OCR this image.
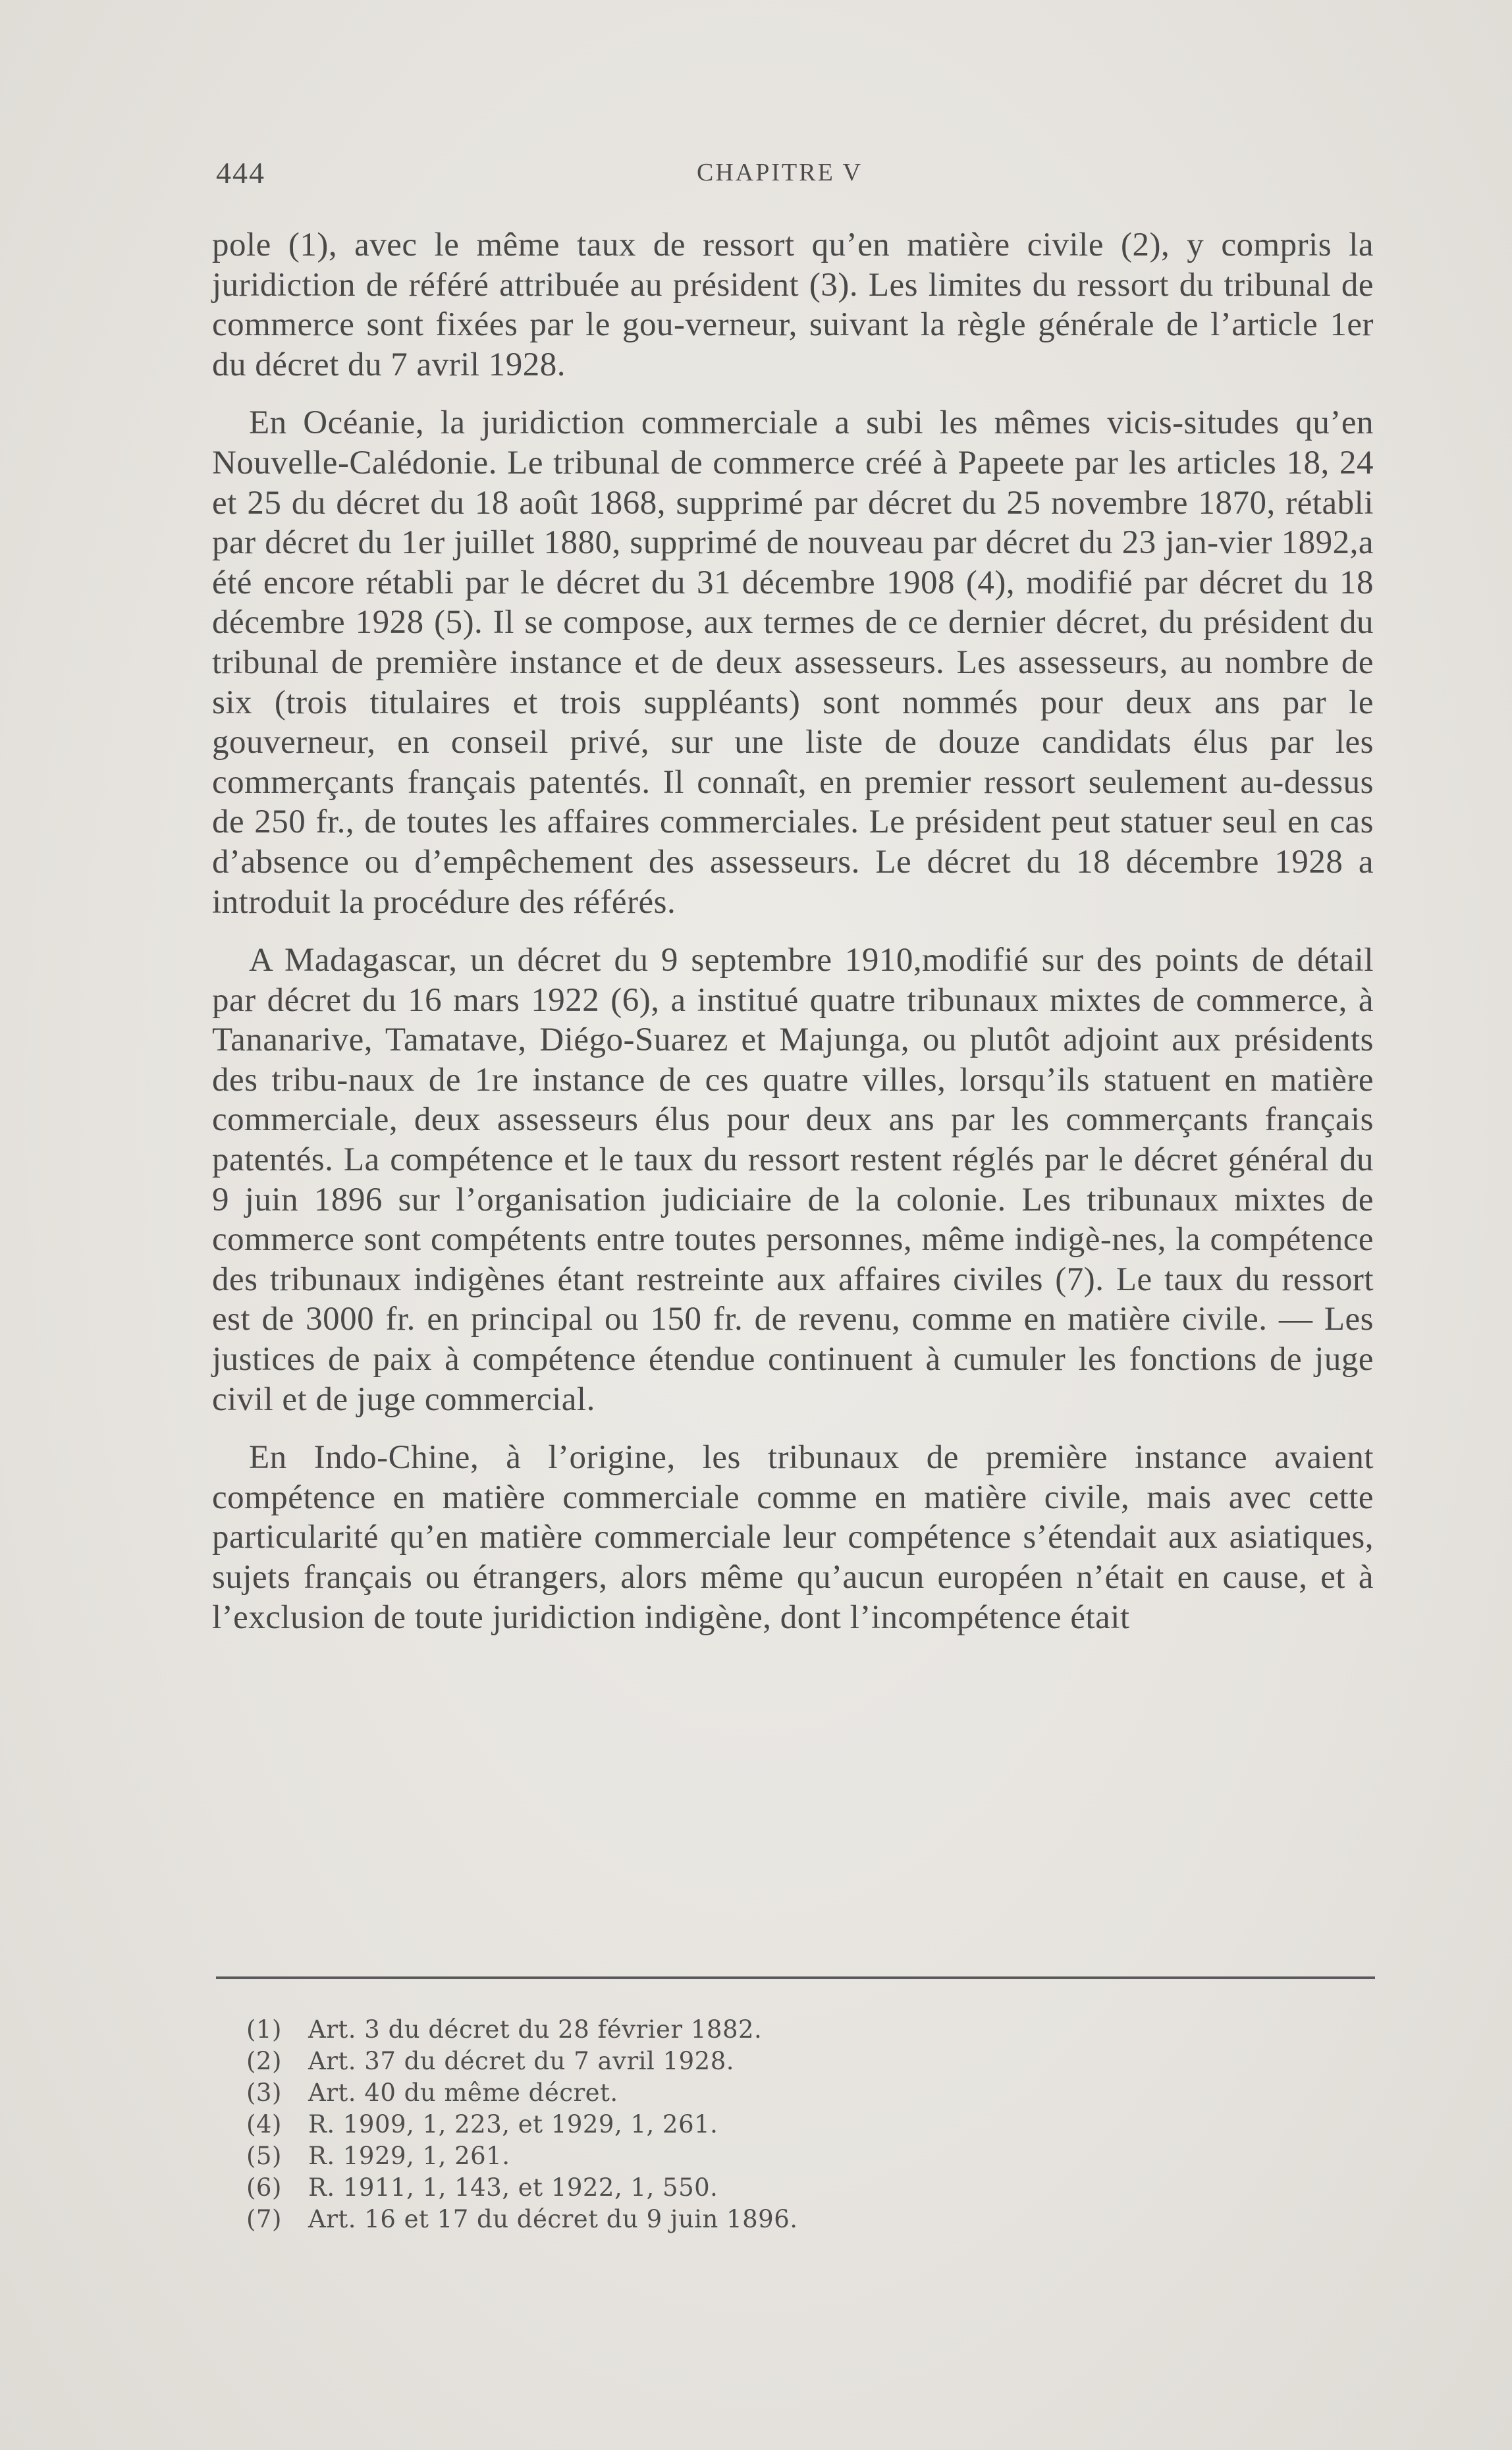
444	CHAPITRE V

pole (1), avec le même taux de ressort qu’en matière civile (2), y compris la juridiction de référé attribuée au président (3). Les limites du ressort du tribunal de commerce sont fixées par le gou-verneur, suivant la règle générale de l’article 1er du décret du 7 avril 1928.

En Océanie, la juridiction commerciale a subi les mêmes vicis-situdes qu’en Nouvelle-Calédonie. Le tribunal de commerce créé à Papeete par les articles 18, 24 et 25 du décret du 18 août 1868, supprimé par décret du 25 novembre 1870, rétabli par décret du 1er juillet 1880, supprimé de nouveau par décret du 23 jan-vier 1892,a été encore rétabli par le décret du 31 décembre 1908 (4), modifié par décret du 18 décembre 1928 (5). Il se compose, aux termes de ce dernier décret, du président du tribunal de première instance et de deux assesseurs. Les assesseurs, au nombre de six (trois titulaires et trois suppléants) sont nommés pour deux ans par le gouverneur, en conseil privé, sur une liste de douze candidats élus par les commerçants français patentés. Il connaît, en premier ressort seulement au-dessus de 250 fr., de toutes les affaires commerciales. Le président peut statuer seul en cas d’absence ou d’empêchement des assesseurs. Le décret du 18 décembre 1928 a introduit la procédure des référés.

A Madagascar, un décret du 9 septembre 1910,modifié sur des points de détail par décret du 16 mars 1922 (6), a institué quatre tribunaux mixtes de commerce, à Tananarive, Tamatave, Diégo-Suarez et Majunga, ou plutôt adjoint aux présidents des tribu-naux de 1re instance de ces quatre villes, lorsqu’ils statuent en matière commerciale, deux assesseurs élus pour deux ans par les commerçants français patentés. La compétence et le taux du ressort restent réglés par le décret général du 9 juin 1896 sur l’organisation judiciaire de la colonie. Les tribunaux mixtes de commerce sont compétents entre toutes personnes, même indigè-nes, la compétence des tribunaux indigènes étant restreinte aux affaires civiles (7). Le taux du ressort est de 3000 fr. en principal ou 150 fr. de revenu, comme en matière civile. — Les justices de paix à compétence étendue continuent à cumuler les fonctions de juge civil et de juge commercial.

En Indo-Chine, à l’origine, les tribunaux de première instance avaient compétence en matière commerciale comme en matière civile, mais avec cette particularité qu’en matière commerciale leur compétence s’étendait aux asiatiques, sujets français ou étrangers, alors même qu’aucun européen n’était en cause, et à l’exclusion de toute juridiction indigène, dont l’incompétence était

(1) Art. 3 du décret du 28 février 1882.
(2) Art. 37 du décret du 7 avril 1928.
(3) Art. 40 du même décret.
(4) R. 1909, 1, 223, et 1929, 1, 261.
(5) R. 1929, 1, 261.
(6) R. 1911, 1, 143, et 1922, 1, 550.
(7) Art. 16 et 17 du décret du 9 juin 1896.
